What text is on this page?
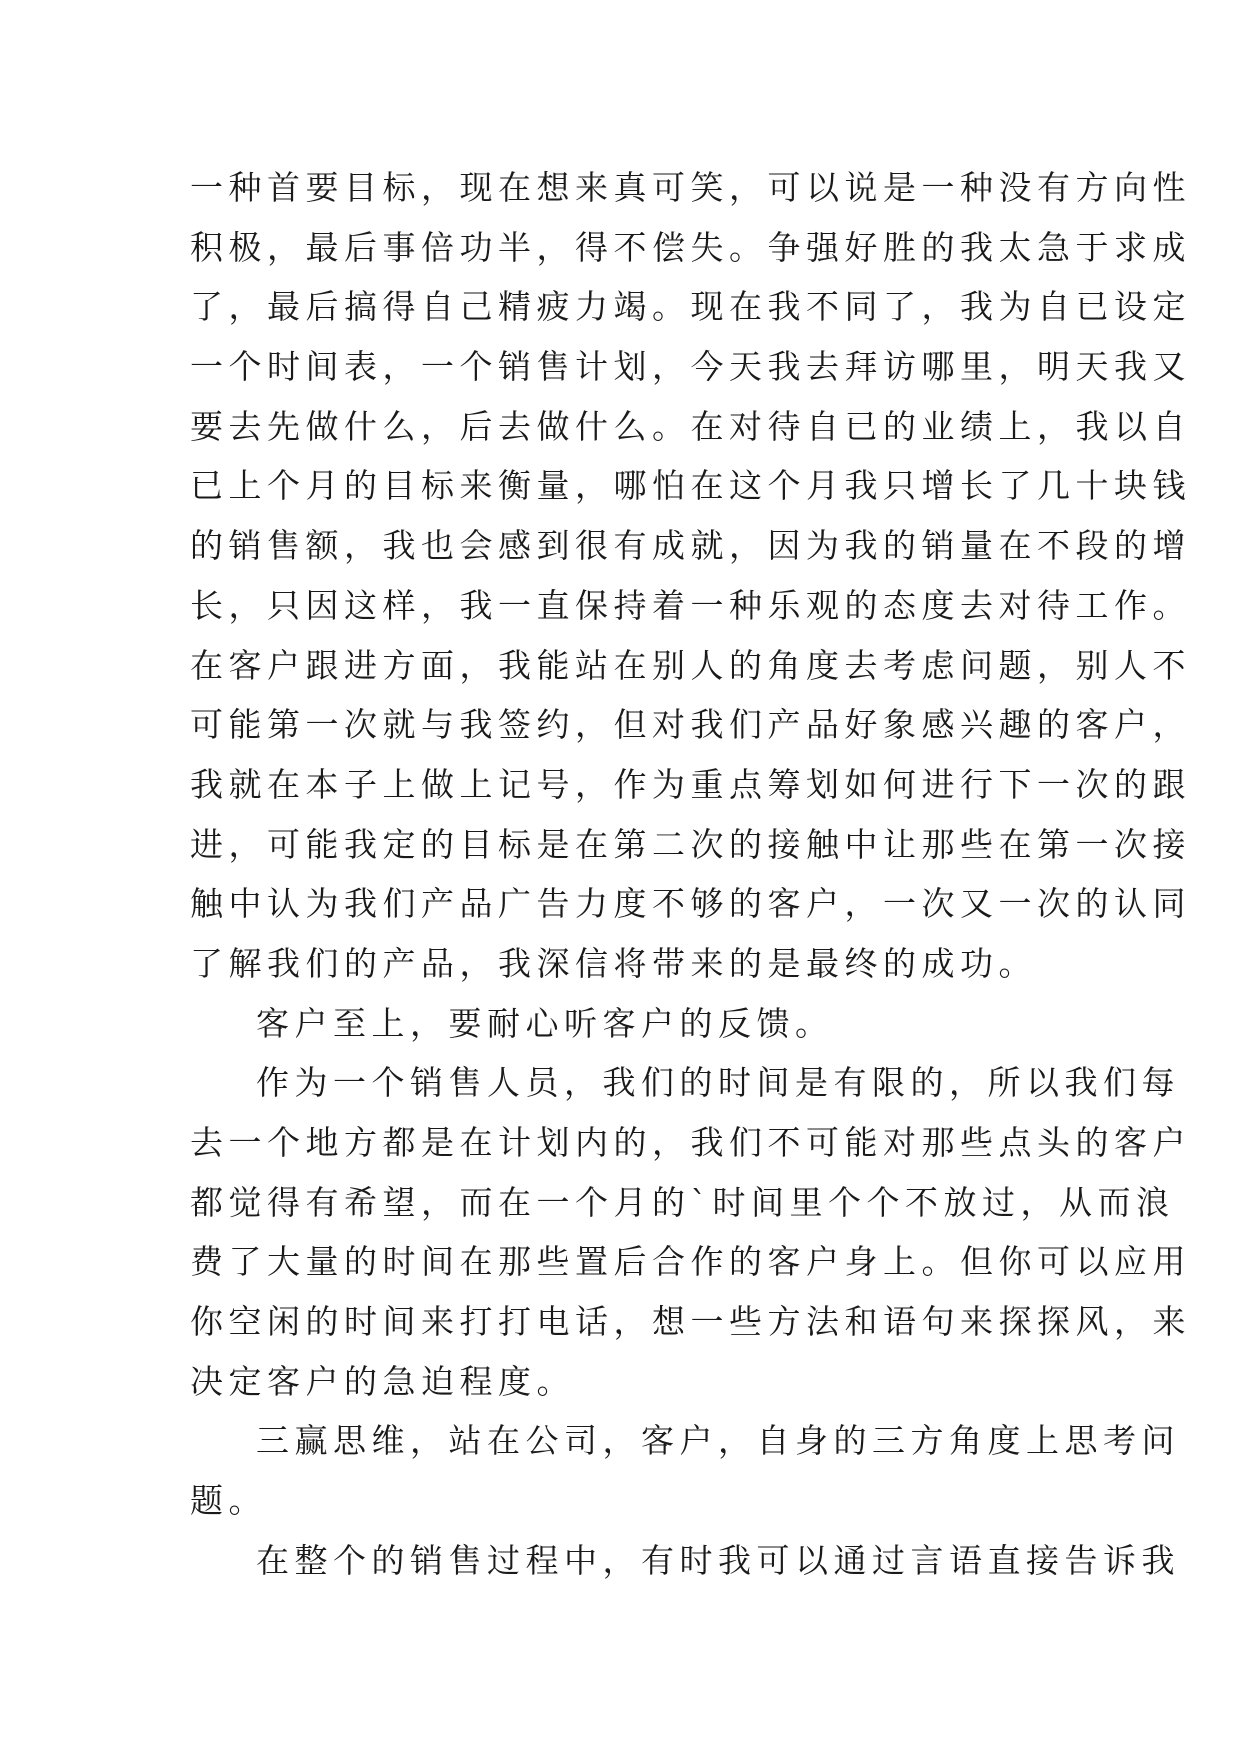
一种首要目标，现在想来真可笑，可以说是一种没有方向性
积极，最后事倍功半，得不偿失。争强好胜的我太急于求成
了，最后搞得自己精疲力竭。现在我不同了，我为自已设定
一个时间表，一个销售计划，今天我去拜访哪里，明天我又
要去先做什么，后去做什么。在对待自已的业绩上，我以自
已上个月的目标来衡量，哪怕在这个月我只增长了几十块钱
的销售额，我也会感到很有成就，因为我的销量在不段的增
长，只因这样，我一直保持着一种乐观的态度去对待工作。
在客户跟进方面，我能站在别人的角度去考虑问题，别人不
可能第一次就与我签约，但对我们产品好象感兴趣的客户，
我就在本子上做上记号，作为重点筹划如何进行下一次的跟
进，可能我定的目标是在第二次的接触中让那些在第一次接
触中认为我们产品广告力度不够的客户，一次又一次的认同
了解我们的产品，我深信将带来的是最终的成功。
客户至上，要耐心听客户的反馈。
作为一个销售人员，我们的时间是有限的，所以我们每
去一个地方都是在计划内的，我们不可能对那些点头的客户
都觉得有希望，而在一个月的`时间里个个不放过，从而浪
费了大量的时间在那些置后合作的客户身上。但你可以应用
你空闲的时间来打打电话，想一些方法和语句来探探风，来
决定客户的急迫程度。
三赢思维，站在公司，客户，自身的三方角度上思考问
题。
在整个的销售过程中，有时我可以通过言语直接告诉我
